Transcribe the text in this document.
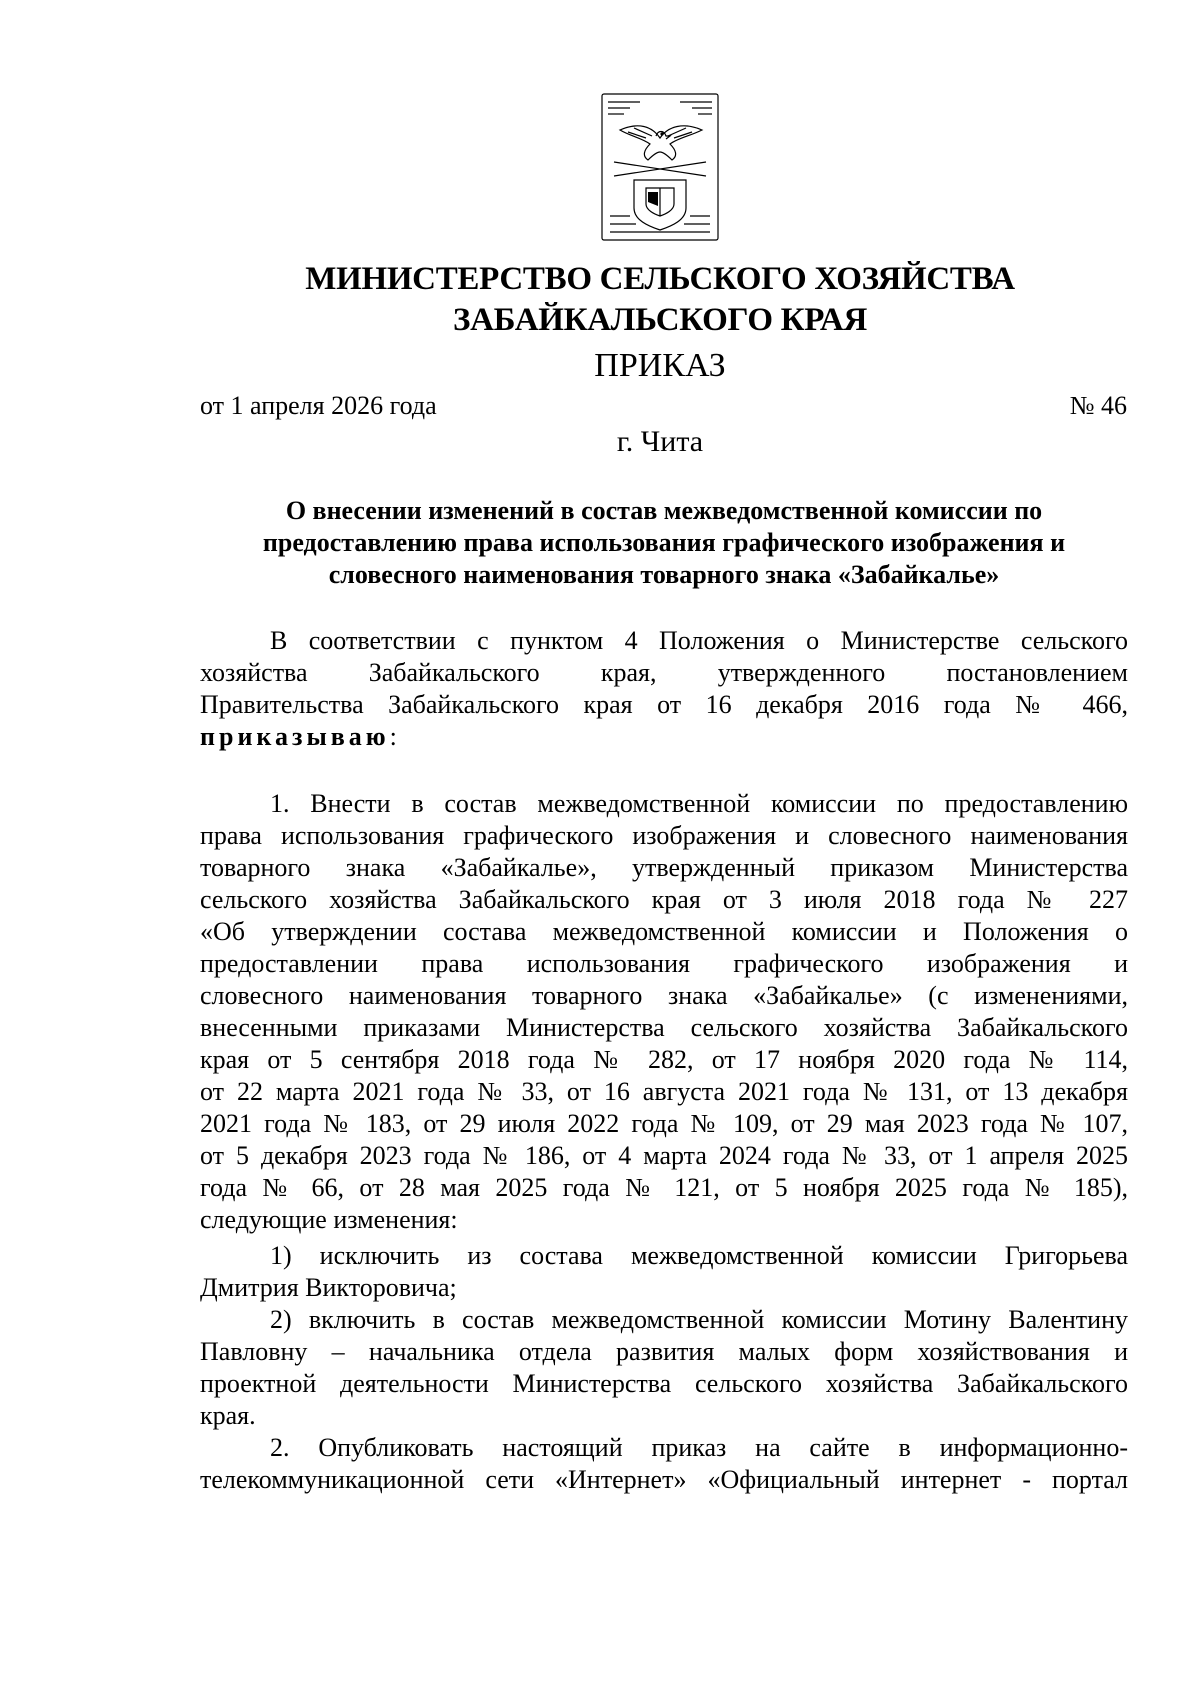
МИНИСТЕРСТВО СЕЛЬСКОГО ХОЗЯЙСТВА
ЗАБАЙКАЛЬСКОГО КРАЯ
ПРИКАЗ
от 1 апреля 2026 года	№ 46
г. Чита
О внесении изменений в состав межведомственной комиссии по
предоставлению права использования графического изображения и
словесного наименования товарного знака «Забайкалье»
В соответствии с пунктом 4 Положения о Министерстве сельского
хозяйства Забайкальского края, утвержденного постановлением
Правительства Забайкальского края от 16 декабря 2016 года № 466,
приказываю:
1. Внести в состав межведомственной комиссии по предоставлению
права использования графического изображения и словесного наименования
товарного знака «Забайкалье», утвержденный приказом Министерства
сельского хозяйства Забайкальского края от 3 июля 2018 года № 227
«Об утверждении состава межведомственной комиссии и Положения о
предоставлении права использования графического изображения и
словесного наименования товарного знака «Забайкалье» (с изменениями,
внесенными приказами Министерства сельского хозяйства Забайкальского
края от 5 сентября 2018 года № 282, от 17 ноября 2020 года № 114,
от 22 марта 2021 года № 33, от 16 августа 2021 года № 131, от 13 декабря
2021 года № 183, от 29 июля 2022 года № 109, от 29 мая 2023 года № 107,
от 5 декабря 2023 года № 186, от 4 марта 2024 года № 33, от 1 апреля 2025
года № 66, от 28 мая 2025 года № 121, от 5 ноября 2025 года № 185),
следующие изменения:
1) исключить из состава межведомственной комиссии Григорьева
Дмитрия Викторовича;
2) включить в состав межведомственной комиссии Мотину Валентину
Павловну – начальника отдела развития малых форм хозяйствования и
проектной деятельности Министерства сельского хозяйства Забайкальского
края.
2. Опубликовать настоящий приказ на сайте в информационно-
телекоммуникационной сети «Интернет» «Официальный интернет - портал
